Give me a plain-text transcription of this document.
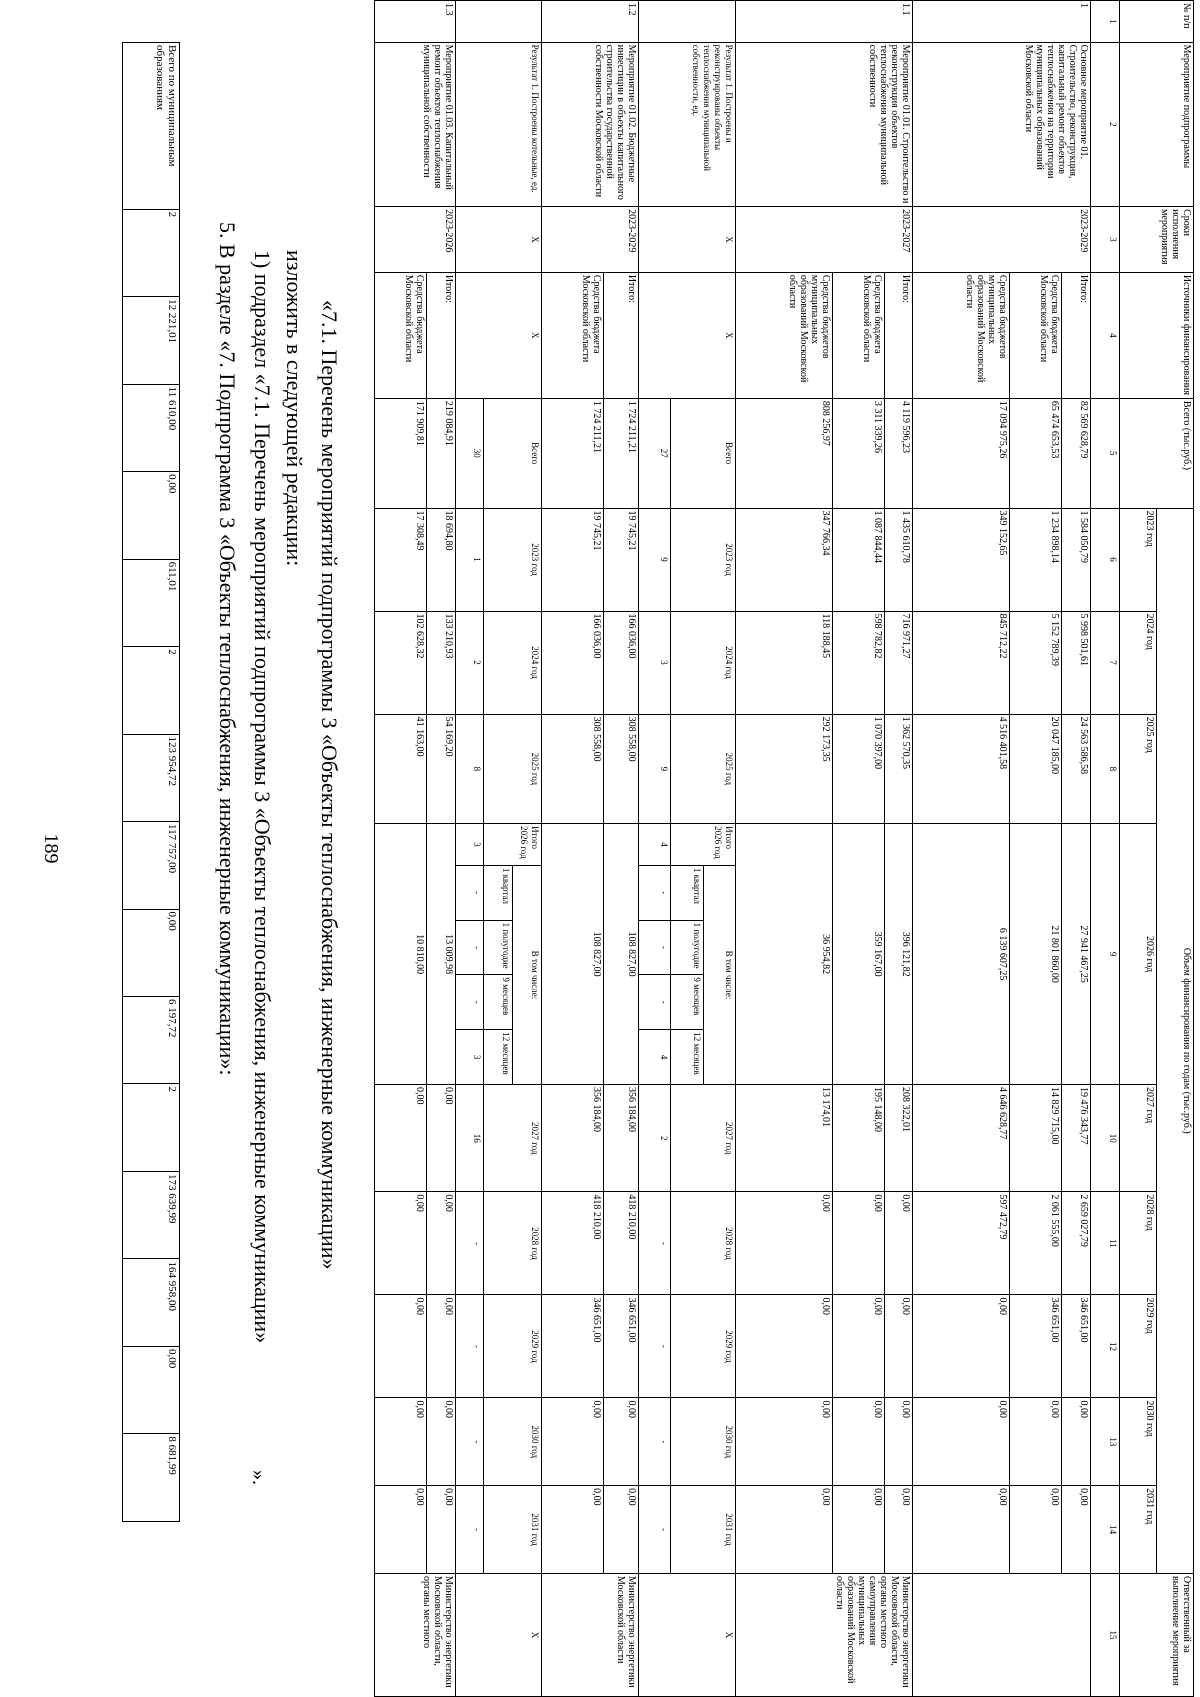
189
Всего по муниципальным образованиям	2	12 221,01	11 610,00	0,00	611,01	2	123 954,72	117 757,00	0,00	6 197,72	2	173 639,99	164 958,00	0,00	8 681,99
5. В разделе «7. Подпрограмма 3 «Объекты теплоснабжения, инженерные коммуникации»: 1) подраздел «7.1. Перечень мероприятий подпрограммы 3 «Объекты теплоснабжения, инженерные коммуникации» изложить в следующей редакции: «7.1. Перечень мероприятий подпрограммы 3 «Объекты теплоснабжения, инженерные коммуникации»
».
№ п/п	Мероприятие подпрограммы	Сроки исполнения мероприятия	Источники финансирования	Всего (тыс.руб.)	Объем финансирования по годам (тыс.руб.)													Ответственный за выполнение мероприятия
					2023 год	2024 год	2025 год	2026 год					2027 год	2028 год	2029 год	2030 год	2031 год	
1	2	3	4	5	6	7	8	9					10	11	12	13	14	15
1	Основное мероприятие 01. Строительство, реконструкция, капитальный ремонт объектов теплоснабжения на территории муниципальных образований Московской области	2023-2029	Итого:	82 569 628,79	1 584 050,79	5 998 501,61	24 563 586,58	27 941 467,25					19 476 343,77	2 659 027,79	346 651,00	0,00	0,00	
			Средства бюджета Московской области	65 474 653,53	1 234 898,14	5 152 789,39	20 047 185,00	21 801 860,00					14 829 715,00	2 061 555,00	346 651,00	0,00	0,00	
			Средства бюджетов муниципальных образований Московской области	17 094 975,26	349 152,65	845 712,22	4 516 401,58	6 139 607,25					4 646 628,77	597 472,79	0,00	0,00	0,00	
1.1	Мероприятие 01.01. Строительство и реконструкция объектов теплоснабжения муниципальной собственности	2023-2027	Итого:	4 119 596,23	1 435 610,78	716 971,27	1 362 570,35	396 121,82					208 322,01	0,00	0,00	0,00	0,00	Министерство энергетики Московской области, органы местного самоуправления муниципальных образований Московской области
			Средства бюджета Московской области	3 311 339,26	1 087 844,44	598 782,82	1 070 397,00	359 167,00					195 148,00	0,00	0,00	0,00	0,00	
			Средства бюджетов муниципальных образований Московской области	808 256,97	347 766,34	118 188,45	292 173,35	36 954,82					13 174,01	0,00	0,00	0,00	0,00	
	Результат 1. Построены и реконструированы объекты теплоснабжения муниципальной собственности, ед.	Х	Х	Всего	2023 год	2024 год	2025 год	Итого 2026 год	В том числе:				2027 год	2028 год	2029 год	2030 год	2031 год	Х
									1 квартал	1 полугодие	9 месяцев	12 месяцев						
				27	9	3	9	4	-	-	-	4	2	-	-	-	-	
1.2	Мероприятие 01.02. Бюджетные инвестиции в объекты капитального строительства государственной собственности Московской области	2023-2029	Итого:	1 724 211,21	19 745,21	166 036,00	308 558,00	108 827,00					356 184,00	418 210,00	346 651,00	0,00	0,00	Министерство энергетики Московской области
			Средства бюджета Московской области	1 724 211,21	19 745,21	166 036,00	308 558,00	108 827,00					356 184,00	418 210,00	346 651,00	0,00	0,00	
	Результат 1. Построены котельные, ед.	Х	Х	Всего	2023 год	2024 год	2025 год	Итого 2026 год	В том числе:				2027 год	2028 год	2029 год	2030 год	2031 год	Х
									1 квартал	1 полугодие	9 месяцев	12 месяцев						
				30	1	2	8	3	-	-	-	3	16	-	-	-	-	
1.3	Мероприятие 01.03. Капитальный ремонт объектов теплоснабжения муниципальной собственности	2023-2026	Итого:	219 084,91	18 694,80	133 210,93	54 169,20	13 009,98					0,00	0,00	0,00	0,00	0,00	Министерство энергетики Московской области, органы местного
			Средства бюджета Московской области	171 909,81	17 308,49	102 628,32	41 163,00	10 810,00					0,00	0,00	0,00	0,00	0,00	
